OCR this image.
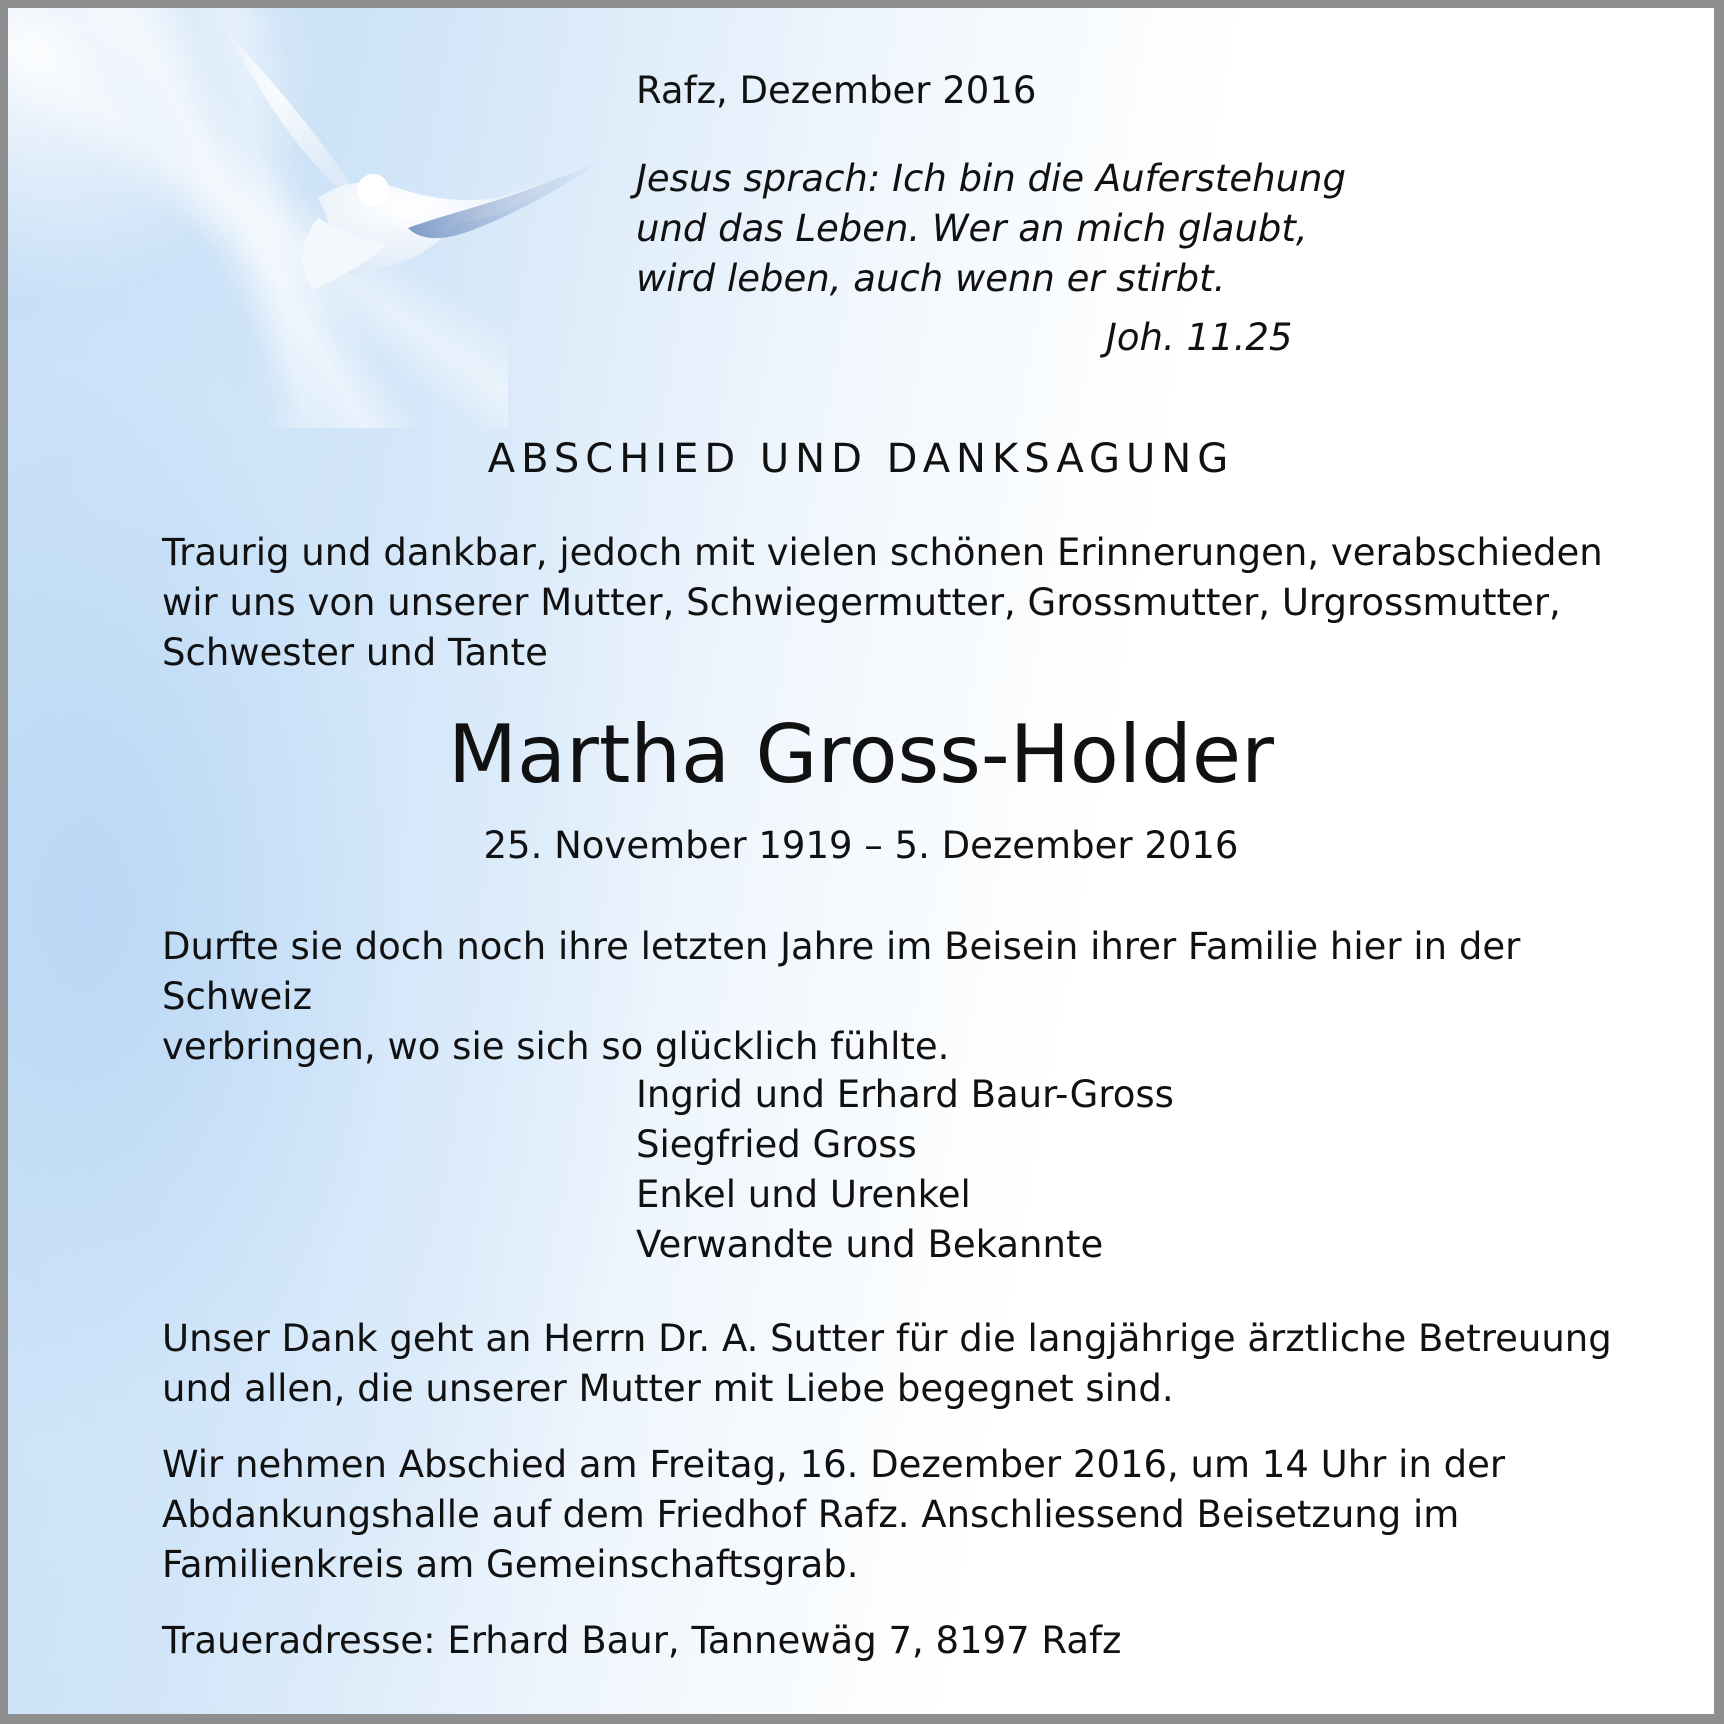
Rafz, Dezember 2016

Jesus sprach: Ich bin die Auferstehung
und das Leben. Wer an mich glaubt,
wird leben, auch wenn er stirbt.

Joh. 11.25

ABSCHIED UND DANKSAGUNG
Traurig und dankbar, jedoch mit vielen schönen Erinnerungen, verabschieden
wir uns von unserer Mutter, Schwiegermutter, Grossmutter, Urgrossmutter,
Schwester und Tante
Martha Gross-Holder

25. November 1919 – 5. Dezember 2016

Durfte sie doch noch ihre letzten Jahre im Beisein ihrer Familie hier in der Schweiz
verbringen, wo sie sich so glücklich fühlte.
Ingrid und Erhard Baur-Gross
Siegfried Gross
Enkel und Urenkel
Verwandte und Bekannte
Unser Dank geht an Herrn Dr. A. Sutter für die langjährige ärztliche Betreuung
und allen, die unserer Mutter mit Liebe begegnet sind.
Wir nehmen Abschied am Freitag, 16. Dezember 2016, um 14 Uhr in der
Abdankungshalle auf dem Friedhof Rafz. Anschliessend Beisetzung im
Familienkreis am Gemeinschaftsgrab.

Traueradresse: Erhard Baur, Tannewäg 7, 8197 Rafz
